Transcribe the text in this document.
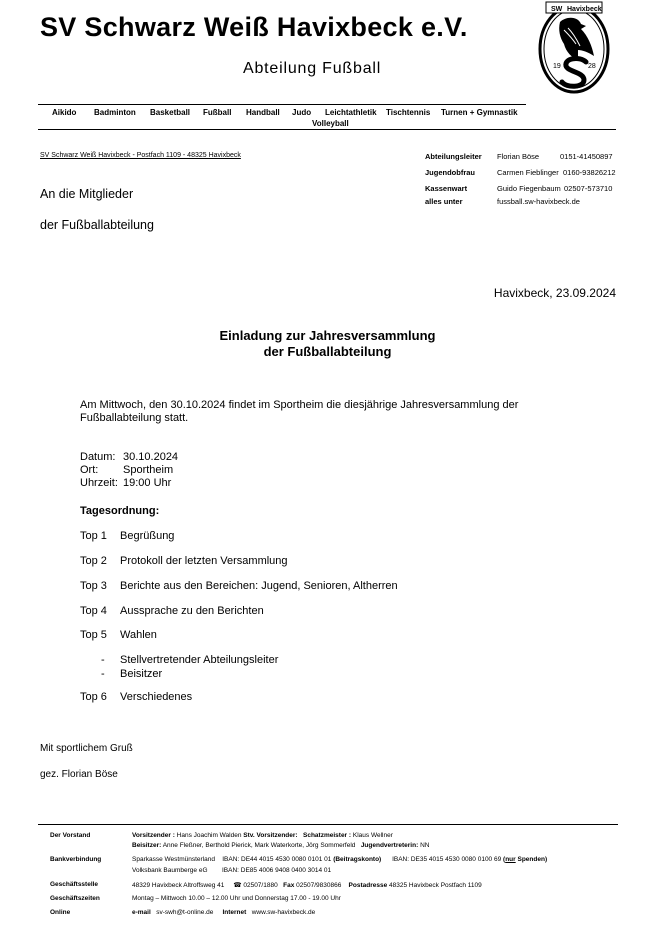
SV Schwarz Weiß Havixbeck e.V.
Abteilung Fußball
SW Havixbeck
19	28
Aikido Badminton Basketball Fußball Handball Judo Leichtathletik Tischtennis Turnen + Gymnastik
Volleyball
SV Schwarz Weiß Havixbeck - Postfach 1109 - 48325 Havixbeck	Abteilungsleiter Florian Böse	0151-41450897
Jugendobfrau	Carmen Fieblinger 0160-93826212
Kassenwart	Guido Fiegenbaum 02507-573710
alles unter	fussball.sw-havixbeck.de
An die Mitglieder
der Fußballabteilung
Havixbeck, 23.09.2024
Einladung zur Jahresversammlung
der Fußballabteilung
Am Mittwoch, den 30.10.2024 findet im Sportheim die diesjährige Jahresversammlung der
Fußballabteilung statt.
Datum: 30.10.2024
Ort: Sportheim
Uhrzeit: 19:00 Uhr
Tagesordnung:
Top 1 Begrüßung
Top 2 Protokoll der letzten Versammlung
Top 3 Berichte aus den Bereichen: Jugend, Senioren, Altherren
Top 4 Aussprache zu den Berichten
Top 5 Wahlen
- Stellvertretender Abteilungsleiter
- Beisitzer
Top 6 Verschiedenes
Mit sportlichem Gruß
gez. Florian Böse
Der Vorstand	Vorsitzender : Hans Joachim Walden Stv. Vorsitzender: Schatzmeister : Klaus Wellner
Beisitzer: Anne Fleßner, Berthold Pierick, Mark Waterkorte, Jörg Sommerfeld Jugendvertreterin: NN
Bankverbindung	Sparkasse Westmünsterland IBAN: DE44 4015 4530 0080 0101 01 (Beitragskonto) IBAN: DE35 4015 4530 0080 0100 69 (nur Spenden)
Volksbank Baumberge eG IBAN: DE85 4006 9408 0400 3014 01
Geschäftsstelle	48329 Havixbeck Altroffsweg 41 ☎ 02507/1880 Fax 02507/9830866 Postadresse 48325 Havixbeck Postfach 1109
Geschäftszeiten	Montag – Mittwoch 10.00 – 12.00 Uhr und Donnerstag 17.00 - 19.00 Uhr
Online	e-mail sv-swh@t-online.de Internet www.sw-havixbeck.de
